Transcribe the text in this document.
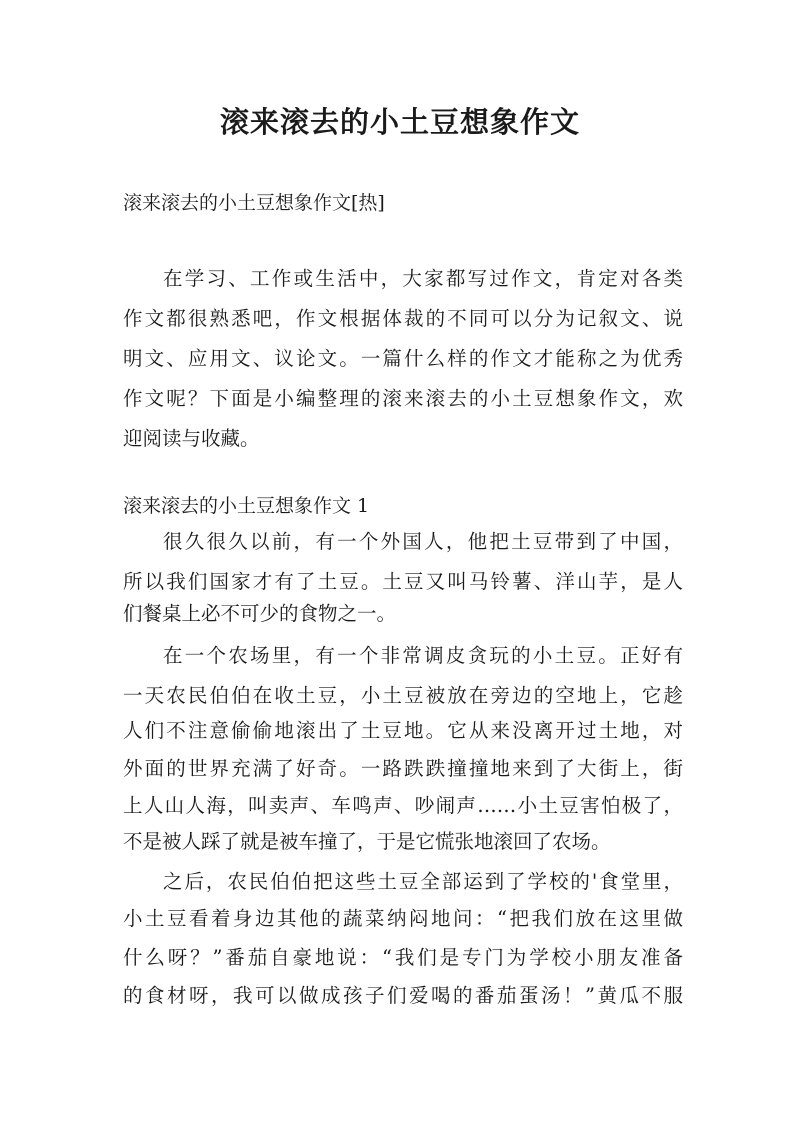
滚来滚去的小土豆想象作文

滚来滚去的小土豆想象作文[热]

在学习、工作或生活中，大家都写过作文，肯定对各类

作文都很熟悉吧，作文根据体裁的不同可以分为记叙文、说

明文、应用文、议论文。一篇什么样的作文才能称之为优秀

作文呢？下面是小编整理的滚来滚去的小土豆想象作文，欢

迎阅读与收藏。

滚来滚去的小土豆想象作文 1

很久很久以前，有一个外国人，他把土豆带到了中国，

所以我们国家才有了土豆。土豆又叫马铃薯、洋山芋，是人

们餐桌上必不可少的食物之一。

在一个农场里，有一个非常调皮贪玩的小土豆。正好有

一天农民伯伯在收土豆，小土豆被放在旁边的空地上，它趁

人们不注意偷偷地滚出了土豆地。它从来没离开过土地，对

外面的世界充满了好奇。一路跌跌撞撞地来到了大街上，街

上人山人海，叫卖声、车鸣声、吵闹声……小土豆害怕极了，

不是被人踩了就是被车撞了，于是它慌张地滚回了农场。

之后，农民伯伯把这些土豆全部运到了学校的'食堂里，

小土豆看着身边其他的蔬菜纳闷地问：“把我们放在这里做

什么呀？”番茄自豪地说：“我们是专门为学校小朋友准备

的食材呀，我可以做成孩子们爱喝的番茄蛋汤！”黄瓜不服
